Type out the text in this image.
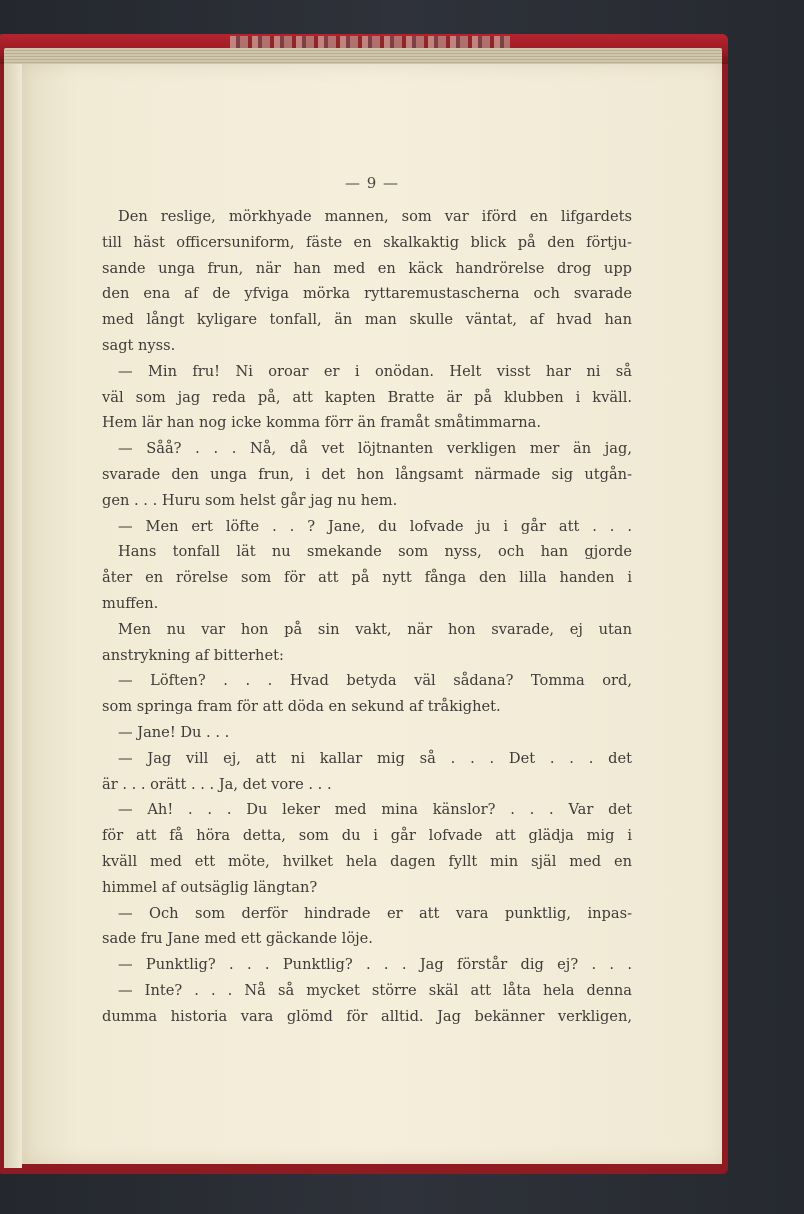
— 9 —
Den reslige, mörkhyade mannen, som var iförd en lifgardets
till häst officersuniform, fäste en skalkaktig blick på den förtju-
sande unga frun, när han med en käck handrörelse drog upp
den ena af de yfviga mörka ryttaremustascherna och svarade
med långt kyligare tonfall, än man skulle väntat, af hvad han
sagt nyss.
— Min fru! Ni oroar er i onödan. Helt visst har ni så
väl som jag reda på, att kapten Bratte är på klubben i kväll.
Hem lär han nog icke komma förr än framåt småtimmarna.
— Såå? . . . Nå, då vet löjtnanten verkligen mer än jag,
svarade den unga frun, i det hon långsamt närmade sig utgån-
gen . . . Huru som helst går jag nu hem.
— Men ert löfte . . ? Jane, du lofvade ju i går att . . .
Hans tonfall lät nu smekande som nyss, och han gjorde
åter en rörelse som för att på nytt fånga den lilla handen i
muffen.
Men nu var hon på sin vakt, när hon svarade, ej utan
anstrykning af bitterhet:
— Löften? . . . Hvad betyda väl sådana? Tomma ord,
som springa fram för att döda en sekund af tråkighet.
— Jane! Du . . .
— Jag vill ej, att ni kallar mig så . . . Det . . . det
är . . . orätt . . . Ja, det vore . . .
— Ah! . . . Du leker med mina känslor? . . . Var det
för att få höra detta, som du i går lofvade att glädja mig i
kväll med ett möte, hvilket hela dagen fyllt min själ med en
himmel af outsäglig längtan?
— Och som derför hindrade er att vara punktlig, inpas-
sade fru Jane med ett gäckande löje.
— Punktlig? . . . Punktlig? . . . Jag förstår dig ej? . . .
— Inte? . . . Nå så mycket större skäl att låta hela denna
dumma historia vara glömd för alltid. Jag bekänner verkligen,
